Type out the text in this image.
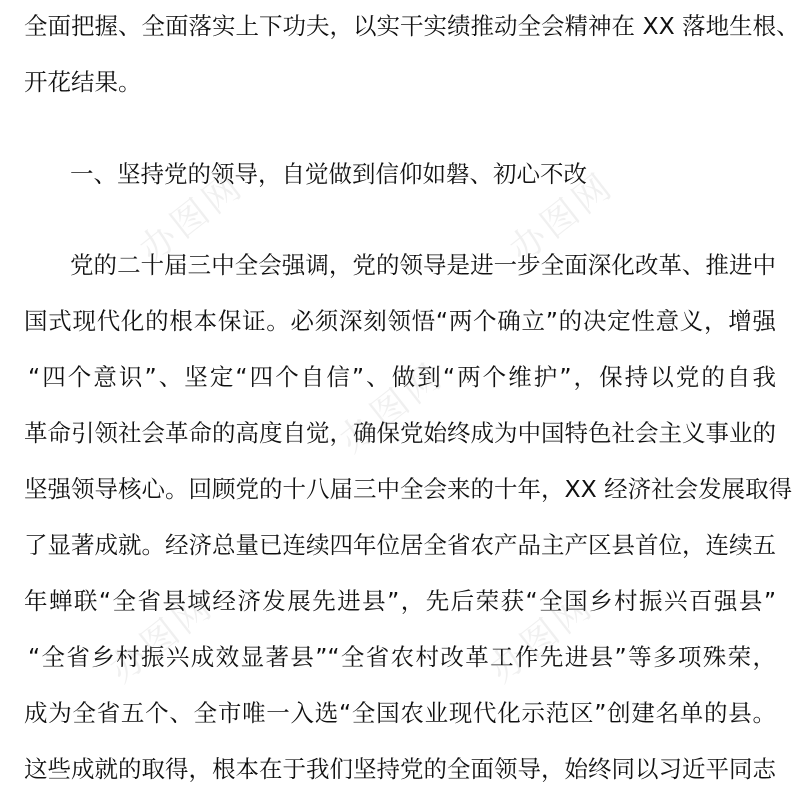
全面把握、全面落实上下功夫，以实干实绩推动全会精神在 XX 落地生根、
开花结果。
一、坚持党的领导，自觉做到信仰如磐、初心不改
党的二十届三中全会强调，党的领导是进一步全面深化改革、推进中
国式现代化的根本保证。必须深刻领悟“两个确立”的决定性意义，增强
“四个意识”、坚定“四个自信”、做到“两个维护”，保持以党的自我
革命引领社会革命的高度自觉，确保党始终成为中国特色社会主义事业的
坚强领导核心。回顾党的十八届三中全会来的十年，XX 经济社会发展取得
了显著成就。经济总量已连续四年位居全省农产品主产区县首位，连续五
年蝉联“全省县域经济发展先进县”，先后荣获“全国乡村振兴百强县”
“全省乡村振兴成效显著县”“全省农村改革工作先进县”等多项殊荣，
成为全省五个、全市唯一入选“全国农业现代化示范区”创建名单的县。
这些成就的取得，根本在于我们坚持党的全面领导，始终同以习近平同志
办图网	办图网
办图网
办图网	办图网
